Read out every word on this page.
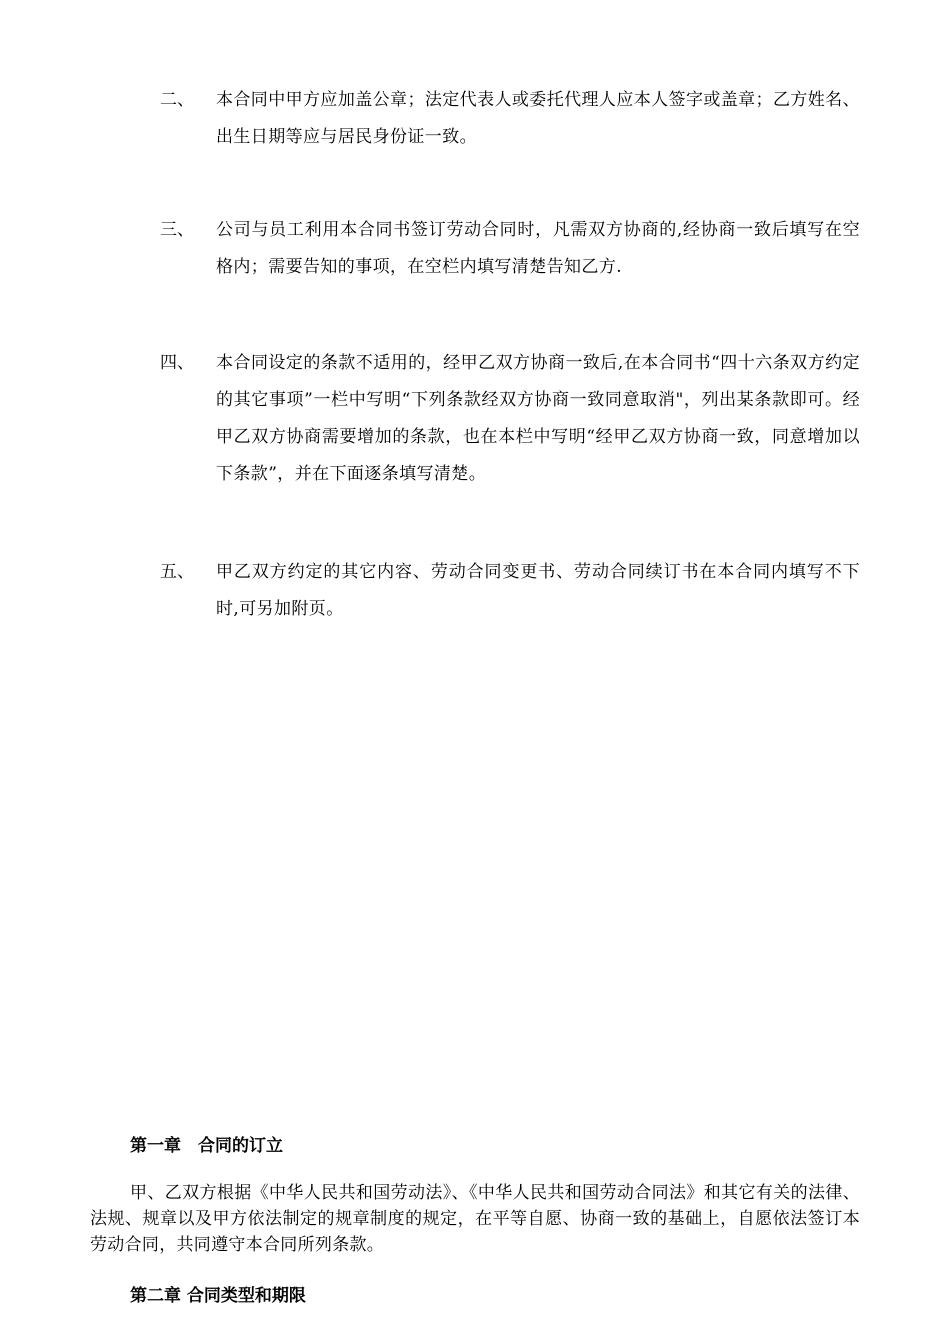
二、 本合同中甲方应加盖公章；法定代表人或委托代理人应本人签字或盖章；乙方姓名、出生日期等应与居民身份证一致。
三、 公司与员工利用本合同书签订劳动合同时，凡需双方协商的,经协商一致后填写在空格内；需要告知的事项，在空栏内填写清楚告知乙方.
四、 本合同设定的条款不适用的，经甲乙双方协商一致后,在本合同书“四十六条双方约定的其它事项”一栏中写明“下列条款经双方协商一致同意取消"，列出某条款即可。经甲乙双方协商需要增加的条款，也在本栏中写明“经甲乙双方协商一致，同意增加以下条款”，并在下面逐条填写清楚。
五、 甲乙双方约定的其它内容、劳动合同变更书、劳动合同续订书在本合同内填写不下时,可另加附页。
第一章　合同的订立
甲、乙双方根据《中华人民共和国劳动法》、《中华人民共和国劳动合同法》和其它有关的法律、法规、规章以及甲方依法制定的规章制度的规定，在平等自愿、协商一致的基础上，自愿依法签订本劳动合同，共同遵守本合同所列条款。
第二章 合同类型和期限
